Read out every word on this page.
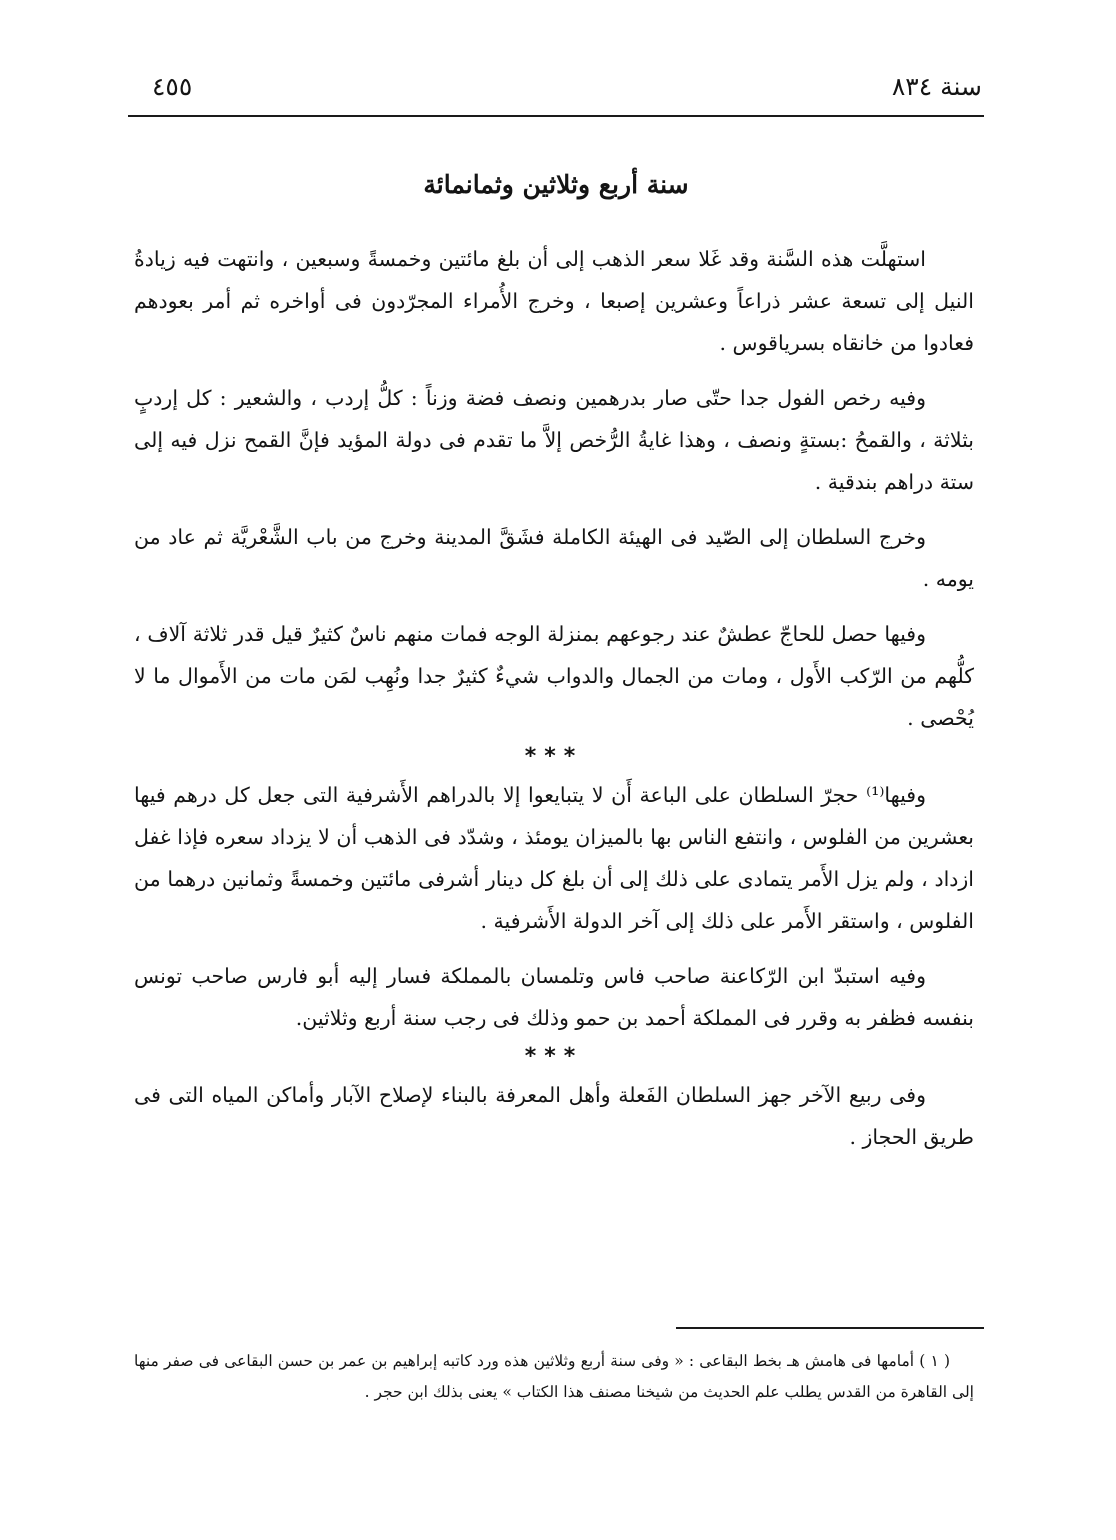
سنة ٨٣٤
٤٥٥
سنة أربع وثلاثين وثمانمائة

استهلَّت هذه السَّنة وقد غَلا سعر الذهب إلى أن بلغ مائتين وخمسةً وسبعين ، وانتهت فيه زيادةُ النيل إلى تسعة عشر ذراعاً وعشرين إصبعا ، وخرج الأُمراء المجرّدون فى أواخره ثم أمر بعودهم فعادوا من خانقاه بسرياقوس .

وفيه رخص الفول جدا حتّى صار بدرهمين ونصف فضة وزناً : كلُّ إردب ، والشعير : كل إردبٍ بثلاثة ، والقمحُ :بستةٍ ونصف ، وهذا غايةُ الرُّخص إلاَّ ما تقدم فى دولة المؤيد فإنَّ القمح نزل فيه إلى ستة دراهم بندقية .

وخرج السلطان إلى الصّيد فى الهيئة الكاملة فشَقَّ المدينة وخرج من باب الشَّعْريَّة ثم عاد من يومه .

وفيها حصل للحاجّ عطشٌ عند رجوعهم بمنزلة الوجه فمات منهم ناسٌ كثيرٌ قيل قدر ثلاثة آلاف ، كلُّهم من الرّكب الأَول ، ومات من الجمال والدواب شيءٌ كثيرٌ جدا ونُهِب لمَن مات من الأَموال ما لا يُحْصى .

***

وفيها⁽¹⁾ حجرّ السلطان على الباعة أَن لا يتبايعوا إلا بالدراهم الأَشرفية التى جعل كل درهم فيها بعشرين من الفلوس ، وانتفع الناس بها بالميزان يومئذ ، وشدّد فى الذهب أن لا يزداد سعره فإذا غفل ازداد ، ولم يزل الأَمر يتمادى على ذلك إلى أن بلغ كل دينار أشرفى مائتين وخمسةً وثمانين درهما من الفلوس ، واستقر الأَمر على ذلك إلى آخر الدولة الأَشرفية .

وفيه استبدّ ابن الرّكاعنة صاحب فاس وتلمسان بالمملكة فسار إليه أبو فارس صاحب تونس بنفسه فظفر به وقرر فى المملكة أحمد بن حمو وذلك فى رجب سنة أربع وثلاثين.

***

وفى ربيع الآخر جهز السلطان الفَعلة وأهل المعرفة بالبناء لإصلاح الآبار وأماكن المياه التى فى طريق الحجاز .

( ١ ) أمامها فى هامش هـ بخط البقاعى : « وفى سنة أربع وثلاثين هذه ورد كاتبه إبراهيم بن عمر بن حسن البقاعى فى صفر منها إلى القاهرة من القدس يطلب علم الحديث من شيخنا مصنف هذا الكتاب » يعنى بذلك ابن حجر .
